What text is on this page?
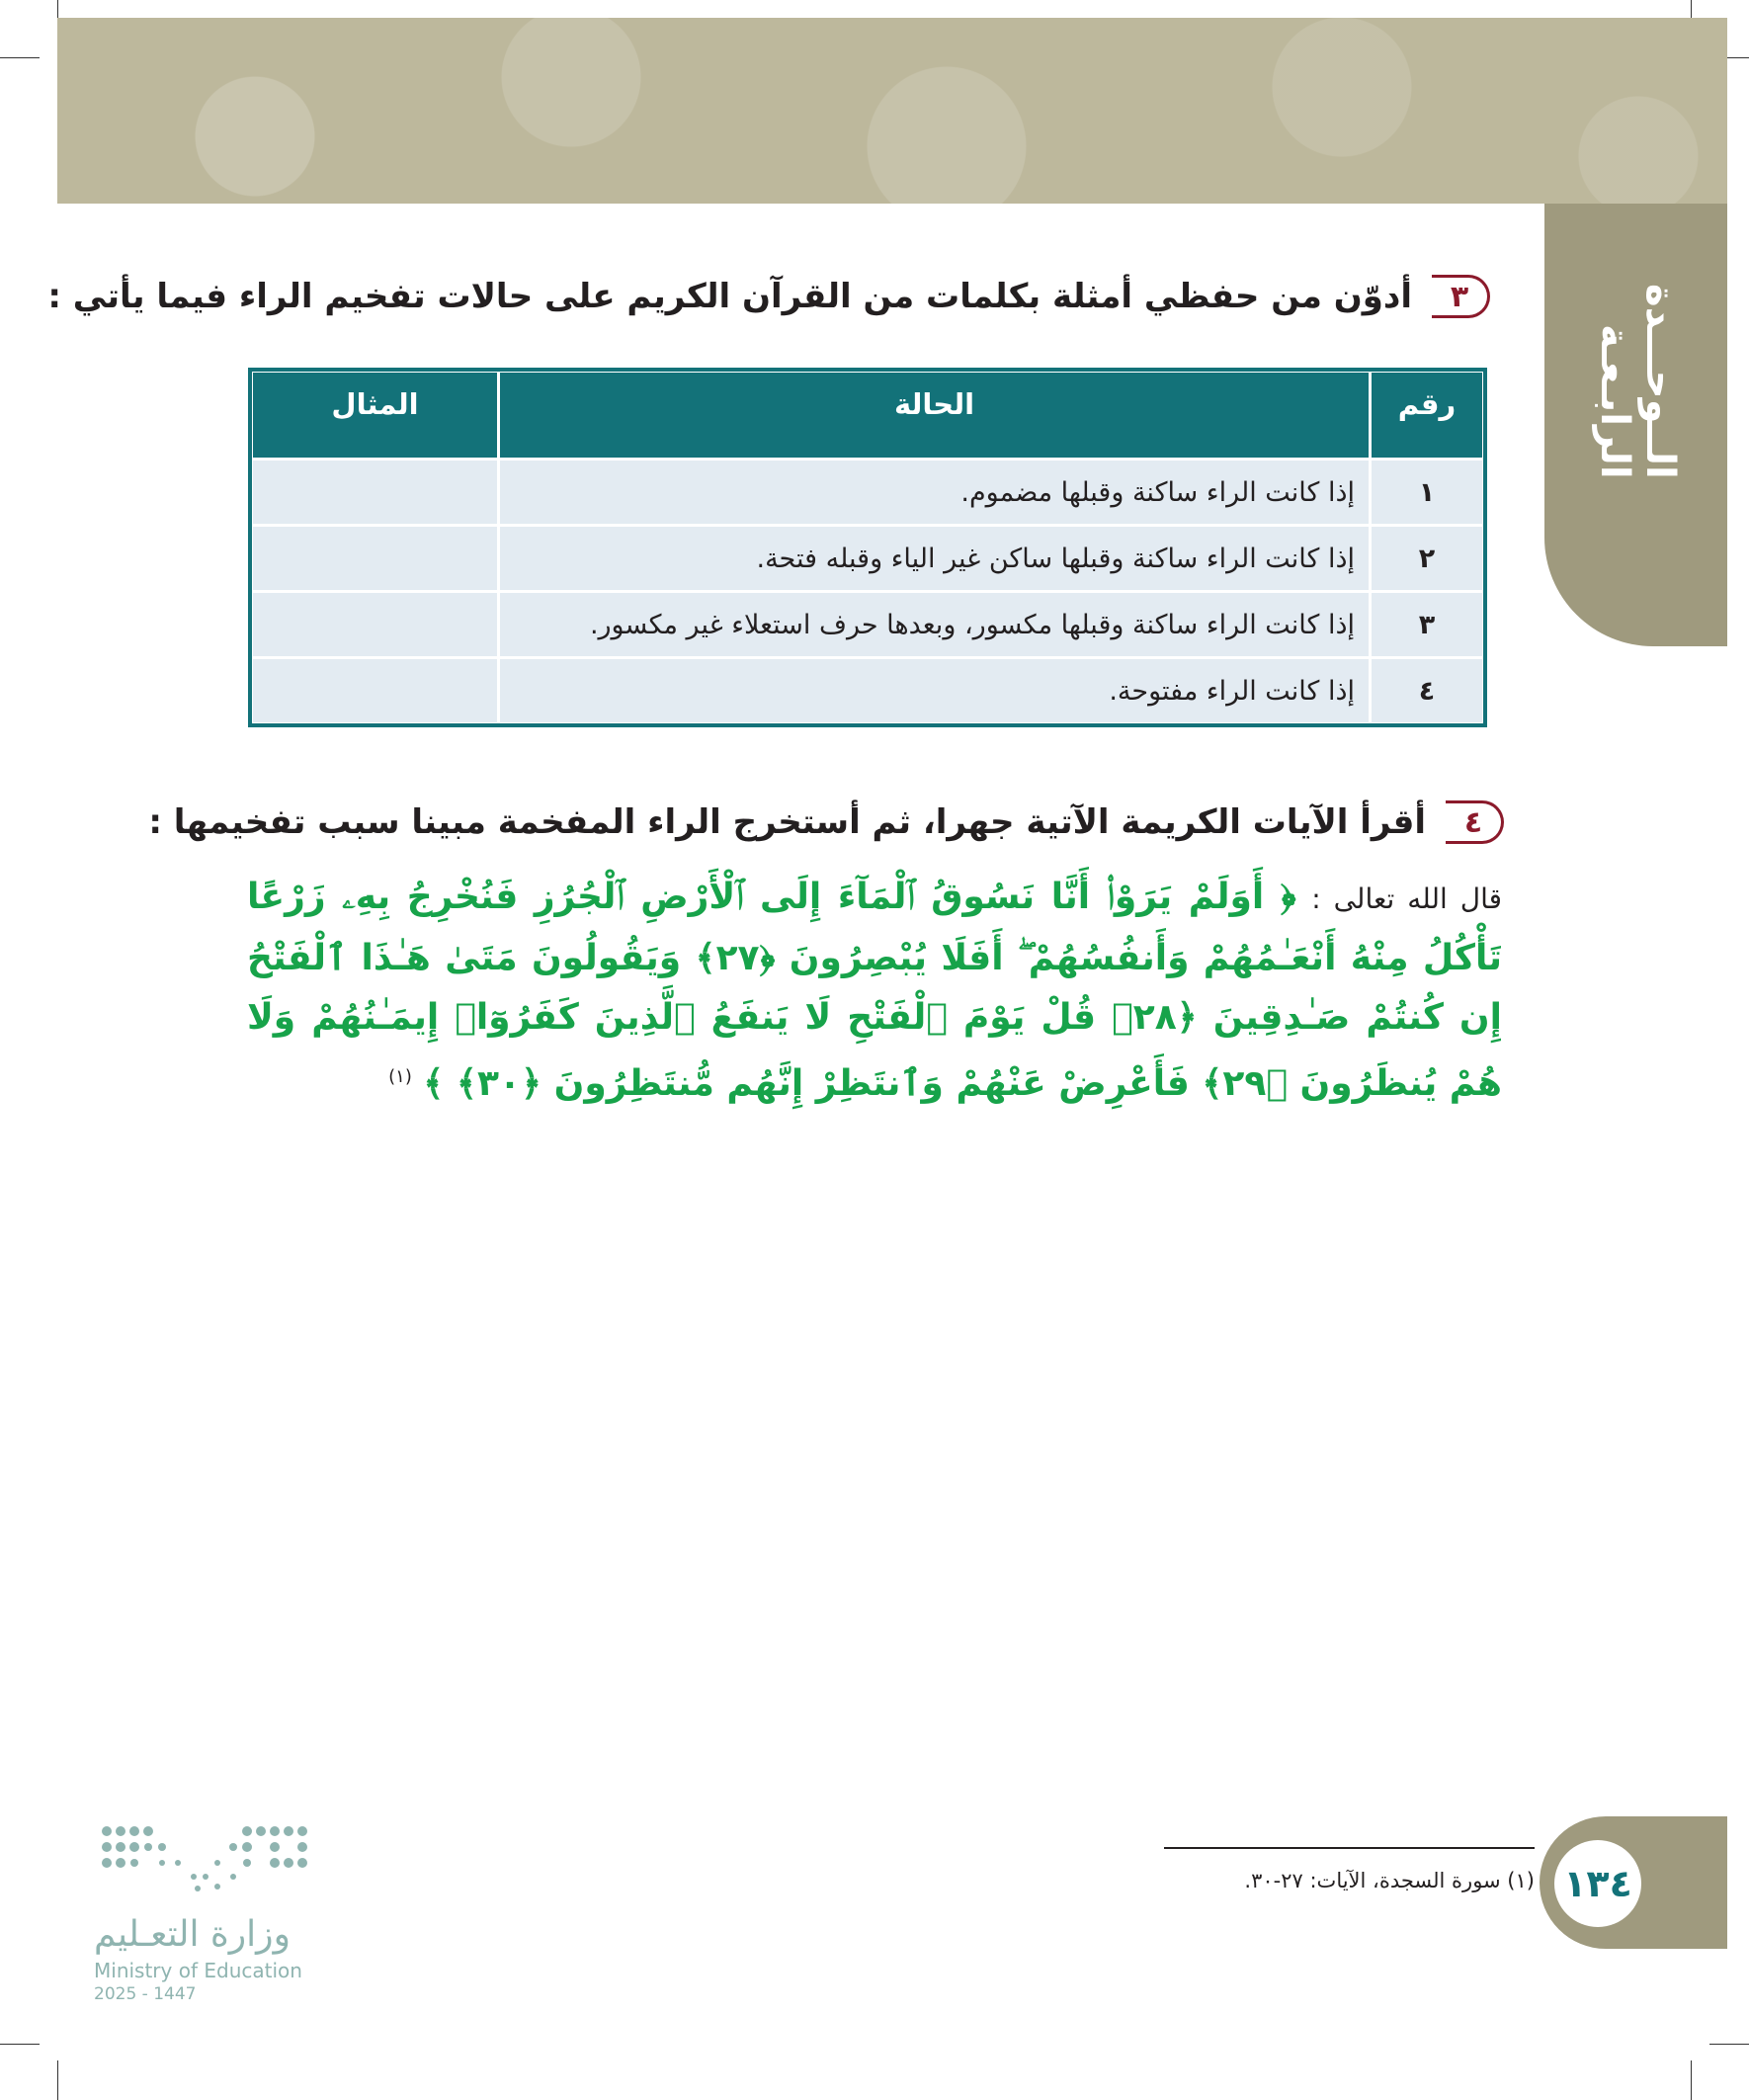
الــوحـــدة الرابـعـة
٣
أدوّن من حفظي أمثلة بكلمات من القرآن الكريم على حالات تفخيم الراء فيما يأتي :
رقم	الحالة	المثال
١	إذا كانت الراء ساكنة وقبلها مضموم.	
٢	إذا كانت الراء ساكنة وقبلها ساكن غير الياء وقبله فتحة.	
٣	إذا كانت الراء ساكنة وقبلها مكسور، وبعدها حرف استعلاء غير مكسور.	
٤	إذا كانت الراء مفتوحة.	
٤
أقرأ الآيات الكريمة الآتية جهرا، ثم أستخرج الراء المفخمة مبينا سبب تفخيمها :
قال الله تعالى : ﴿ أَوَلَمْ يَرَوْا۟ أَنَّا نَسُوقُ ٱلْمَآءَ إِلَى ٱلْأَرْضِ ٱلْجُرُزِ فَنُخْرِجُ بِهِۦ زَرْعًا تَأْكُلُ مِنْهُ أَنْعَـٰمُهُمْ وَأَنفُسُهُمْ ۖ أَفَلَا يُبْصِرُونَ ﴿٢٧﴾ وَيَقُولُونَ مَتَىٰ هَـٰذَا ٱلْفَتْحُ إِن كُنتُمْ صَـٰدِقِينَ ﴿٢٨﴾ قُلْ يَوْمَ ٱلْفَتْحِ لَا يَنفَعُ ٱلَّذِينَ كَفَرُوٓا۟ إِيمَـٰنُهُمْ وَلَا هُمْ يُنظَرُونَ ﴿٢٩﴾ فَأَعْرِضْ عَنْهُمْ وَٱنتَظِرْ إِنَّهُم مُّنتَظِرُونَ ﴿٣٠﴾ ﴾ $^{(١)}$
(١) سورة السجدة، الآيات: ٢٧-٣٠. ١٣٤
وزارة التعـليم
Ministry of Education
2025 - 1447
